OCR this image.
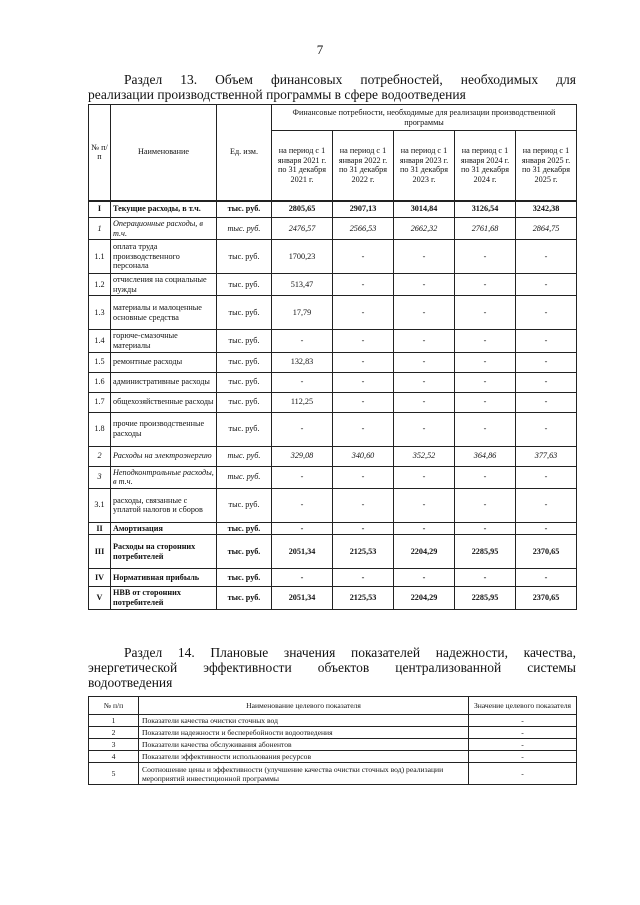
7
Раздел 13. Объем финансовых потребностей, необходимых для
реализации производственной программы в сфере водоотведения
№ п/п	Наименование	Ед. изм.	Финансовые потребности, необходимые для реализации производственной программы				
			на период с 1 января 2021 г. по 31 декабря 2021 г.	на период с 1 января 2022 г. по 31 декабря 2022 г.	на период с 1 января 2023 г. по 31 декабря 2023 г.	на период с 1 января 2024 г. по 31 декабря 2024 г.	на период с 1 января 2025 г. по 31 декабря 2025 г.
I	Текущие расходы, в т.ч.	тыс. руб.	2805,65	2907,13	3014,84	3126,54	3242,38
1	Операционные расходы, в т.ч.	тыс. руб.	2476,57	2566,53	2662,32	2761,68	2864,75
1.1	оплата труда производственного персонала	тыс. руб.	1700,23	-	-	-	-
1.2	отчисления на социальные нужды	тыс. руб.	513,47	-	-	-	-
1.3	материалы и малоценные основные средства	тыс. руб.	17,79	-	-	-	-
1.4	горюче-смазочные материалы	тыс. руб.	-	-	-	-	-
1.5	ремонтные расходы	тыс. руб.	132,83	-	-	-	-
1.6	административные расходы	тыс. руб.	-	-	-	-	-
1.7	общехозяйственные расходы	тыс. руб.	112,25	-	-	-	-
1.8	прочие производственные расходы	тыс. руб.	-	-	-	-	-
2	Расходы на электроэнергию	тыс. руб.	329,08	340,60	352,52	364,86	377,63
3	Неподконтрольные расходы, в т.ч.	тыс. руб.	-	-	-	-	-
3.1	расходы, связанные с уплатой налогов и сборов	тыс. руб.	-	-	-	-	-
II	Амортизация	тыс. руб.	-	-	-	-	-
III	Расходы на сторонних потребителей	тыс. руб.	2051,34	2125,53	2204,29	2285,95	2370,65
IV	Нормативная прибыль	тыс. руб.	-	-	-	-	-
V	НВВ от сторонних потребителей	тыс. руб.	2051,34	2125,53	2204,29	2285,95	2370,65
Раздел 14. Плановые значения показателей надежности, качества,
энергетической эффективности объектов централизованной системы
водоотведения
№ п/п	Наименование целевого показателя	Значение целевого показателя
1	Показатели качества очистки сточных вод	-
2	Показатели надежности и бесперебойности водоотведения	-
3	Показатели качества обслуживания абонентов	-
4	Показатели эффективности использования ресурсов	-
5	Соотношение цены и эффективности (улучшение качества очистки сточных вод) реализации мероприятий инвестиционной программы	-
